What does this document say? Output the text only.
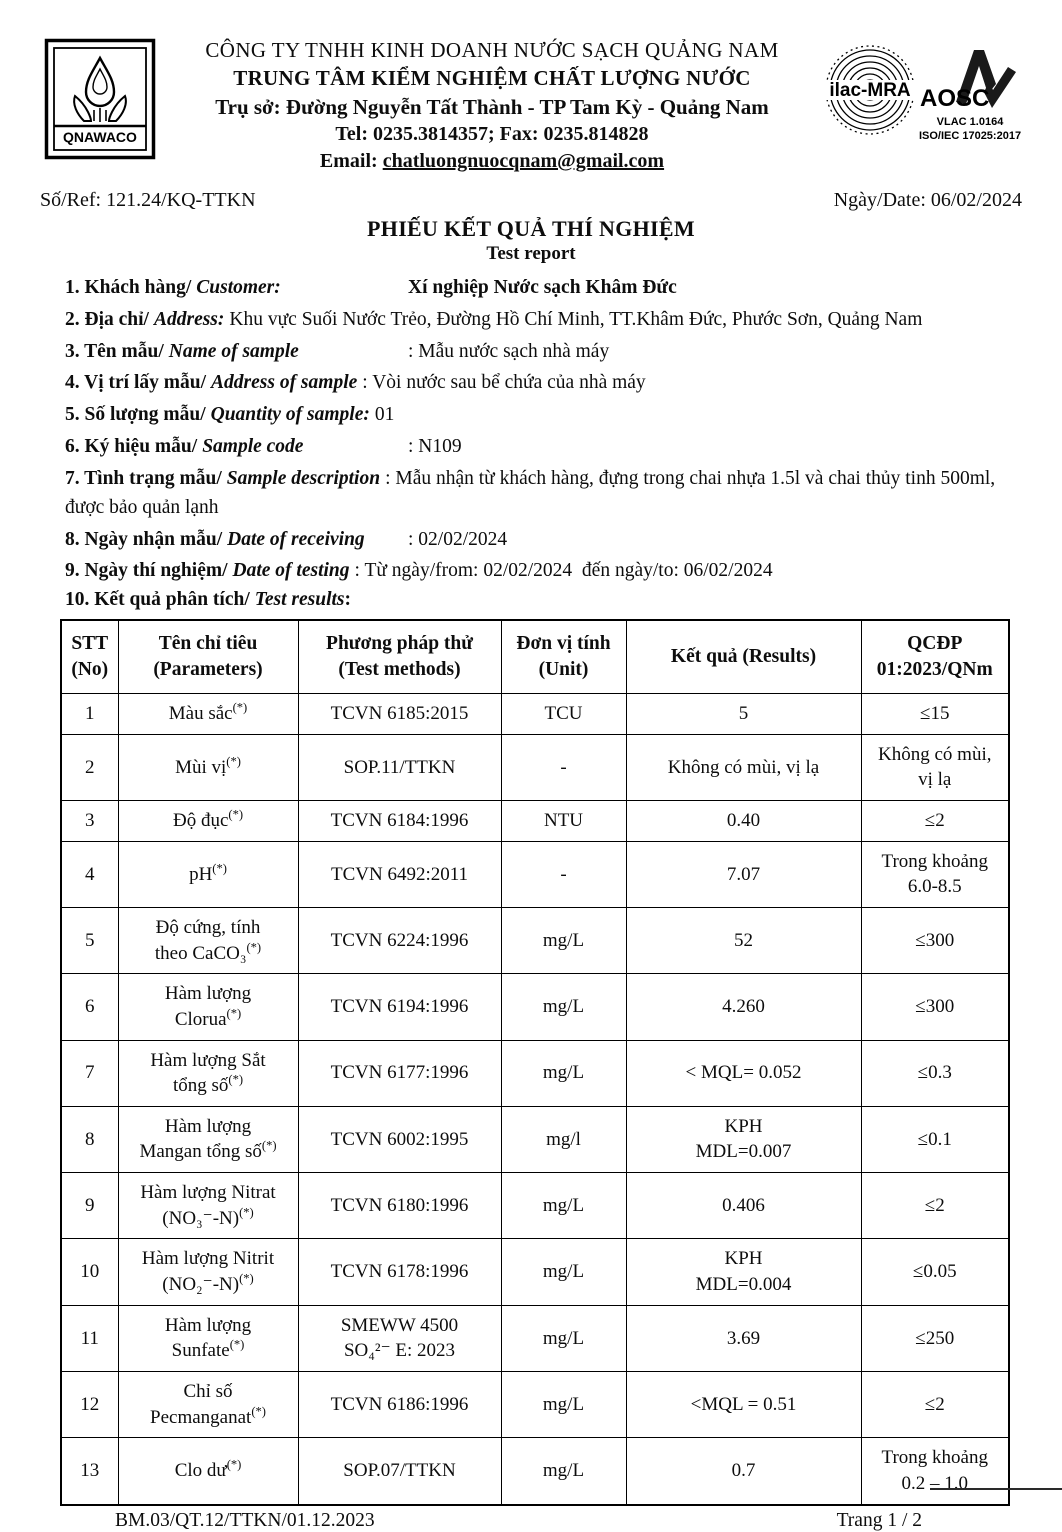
QNAWACO
CÔNG TY TNHH KINH DOANH NƯỚC SẠCH QUẢNG NAM
TRUNG TÂM KIỂM NGHIỆM CHẤT LƯỢNG NƯỚC
Trụ sở: Đường Nguyễn Tất Thành - TP Tam Kỳ - Quảng Nam
Tel: 0235.3814357; Fax: 0235.814828
Email: chatluongnuocqnam@gmail.com
ilac-MRA AOSC
VLAC 1.0164
ISO/IEC 17025:2017
Số/Ref: 121.24/KQ-TTKN	Ngày/Date: 06/02/2024
PHIẾU KẾT QUẢ THÍ NGHIỆM
Test report
1. Khách hàng/ Customer:	Xí nghiệp Nước sạch Khâm Đức
2. Địa chỉ/ Address: Khu vực Suối Nước Trẻo, Đường Hồ Chí Minh, TT.Khâm Đức, Phước Sơn, Quảng Nam
3. Tên mẫu/ Name of sample	: Mẫu nước sạch nhà máy
4. Vị trí lấy mẫu/ Address of sample : Vòi nước sau bể chứa của nhà máy
5. Số lượng mẫu/ Quantity of sample: 01
6. Ký hiệu mẫu/ Sample code	: N109
7. Tình trạng mẫu/ Sample description : Mẫu nhận từ khách hàng, đựng trong chai nhựa 1.5l và chai thủy tinh 500ml, được bảo quản lạnh
8. Ngày nhận mẫu/ Date of receiving : 02/02/2024
9. Ngày thí nghiệm/ Date of testing : Từ ngày/from: 02/02/2024  đến ngày/to: 06/02/2024
10. Kết quả phân tích/ Test results:
STT
(No)	Tên chỉ tiêu
(Parameters)	Phương pháp thử
(Test methods)	Đơn vị tính
(Unit)	Kết quả (Results)	QCĐP
01:2023/QNm
1	Màu sắc(*)	TCVN 6185:2015	TCU	5	≤15
2	Mùi vị(*)	SOP.11/TTKN	-	Không có mùi, vị lạ	Không có mùi,
vị lạ
3	Độ đục(*)	TCVN 6184:1996	NTU	0.40	≤2
4	pH(*)	TCVN 6492:2011	-	7.07	Trong khoảng
6.0-8.5
5	Độ cứng, tính
theo CaCO₃(*)	TCVN 6224:1996	mg/L	52	≤300
6	Hàm lượng
Clorua(*)	TCVN 6194:1996	mg/L	4.260	≤300
7	Hàm lượng Sắt
tổng số(*)	TCVN 6177:1996	mg/L	< MQL= 0.052	≤0.3
8	Hàm lượng
Mangan tổng số(*)	TCVN 6002:1995	mg/l	KPH
MDL=0.007	≤0.1
9	Hàm lượng Nitrat
(NO₃⁻-N)(*)	TCVN 6180:1996	mg/L	0.406	≤2
10	Hàm lượng Nitrit
(NO₂⁻-N)(*)	TCVN 6178:1996	mg/L	KPH
MDL=0.004	≤0.05
11	Hàm lượng
Sunfate(*)	SMEWW 4500
SO₄²⁻ E: 2023	mg/L	3.69	≤250
12	Chỉ số
Pecmanganat(*)	TCVN 6186:1996	mg/L	<MQL = 0.51	≤2
13	Clo dư(*)	SOP.07/TTKN	mg/L	0.7	Trong khoảng
0.2 – 1.0
BM.03/QT.12/TTKN/01.12.2023	Trang 1 / 2
